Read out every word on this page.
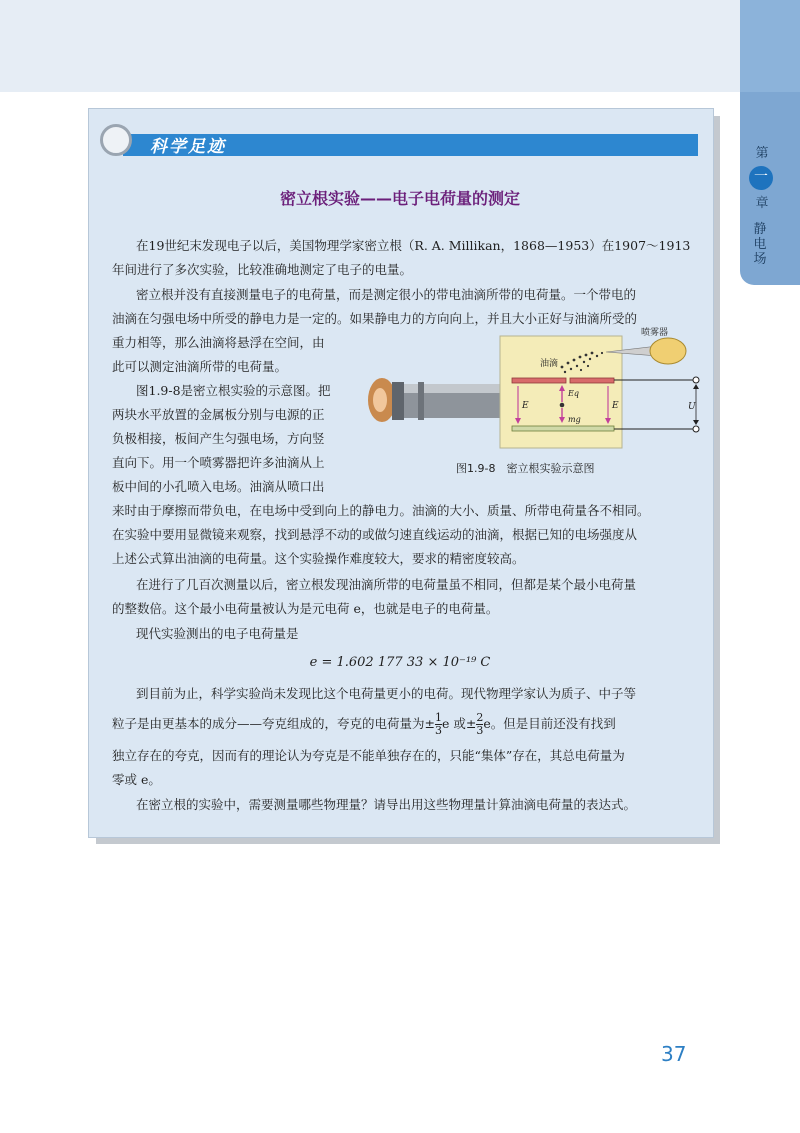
第
一
章
静电场
科学足迹
密立根实验——电子电荷量的测定

在19世纪末发现电子以后，美国物理学家密立根（R. A. Millikan，1868—1953）在1907～1913

年间进行了多次实验，比较准确地测定了电子的电量。

密立根并没有直接测量电子的电荷量，而是测定很小的带电油滴所带的电荷量。一个带电的

油滴在匀强电场中所受的静电力是一定的。如果静电力的方向向上，并且大小正好与油滴所受的

重力相等，那么油滴将悬浮在空间，由

此可以测定油滴所带的电荷量。

图1.9-8是密立根实验的示意图。把

两块水平放置的金属板分别与电源的正

负极相接，板间产生匀强电场，方向竖

直向下。用一个喷雾器把许多油滴从上

板中间的小孔喷入电场。油滴从喷口出

来时由于摩擦而带负电，在电场中受到向上的静电力。油滴的大小、质量、所带电荷量各不相同。

在实验中要用显微镜来观察，找到悬浮不动的或做匀速直线运动的油滴，根据已知的电场强度从

上述公式算出油滴的电荷量。这个实验操作难度较大，要求的精密度较高。

在进行了几百次测量以后，密立根发现油滴所带的电荷量虽不相同，但都是某个最小电荷量

的整数倍。这个最小电荷量被认为是元电荷 e，也就是电子的电荷量。

现代实验测出的电子电荷量是

e = 1.602 177 33 × 10⁻¹⁹ C

到目前为止，科学实验尚未发现比这个电荷量更小的电荷。现代物理学家认为质子、中子等

粒子是由更基本的成分——夸克组成的，夸克的电荷量为± $\frac{1}{3}$ e 或± $\frac{2}{3}$ e。但是目前还没有找到

独立存在的夸克，因而有的理论认为夸克是不能单独存在的，只能“集体”存在，其总电荷量为

零或 e。

在密立根的实验中，需要测量哪些物理量？请导出用这些物理量计算油滴电荷量的表达式。

喷雾器
油滴
Eq
mg
E	E	U
图1.9-8　密立根实验示意图
37
